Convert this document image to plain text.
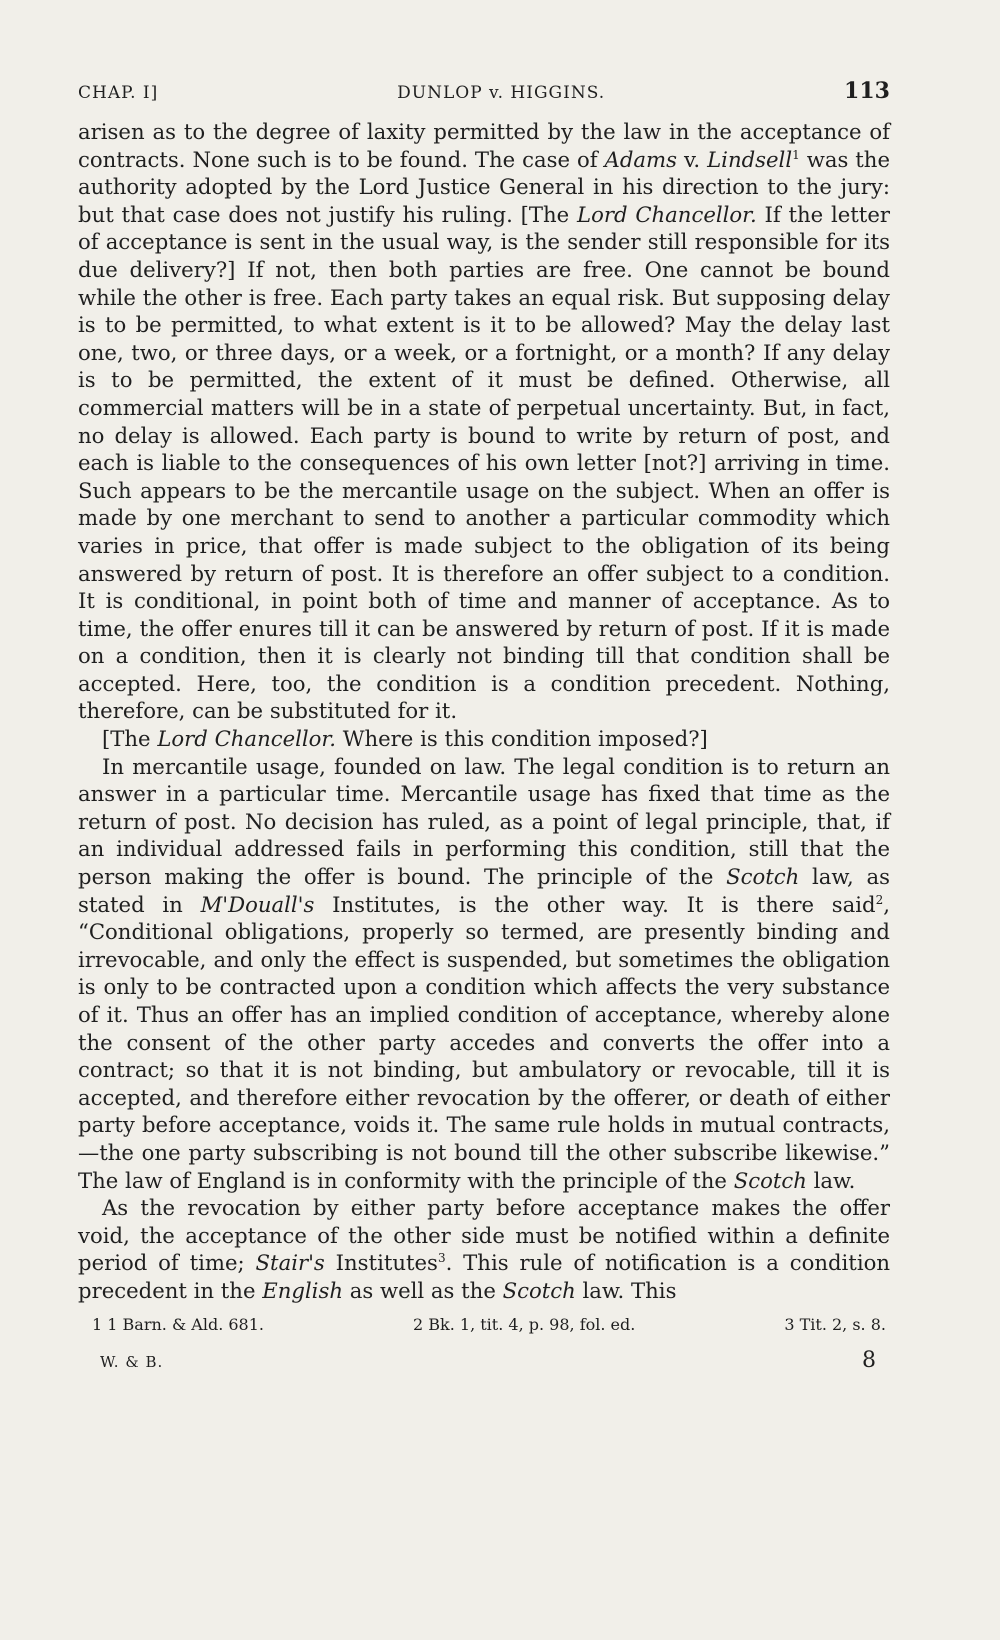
CHAP. I]	DUNLOP v. HIGGINS.	113

arisen as to the degree of laxity permitted by the law in the acceptance of contracts. None such is to be found. The case of Adams v. Lindsell$^1$ was the authority adopted by the Lord Justice General in his direction to the jury: but that case does not justify his ruling. [The Lord Chancellor. If the letter of acceptance is sent in the usual way, is the sender still responsible for its due delivery?] If not, then both parties are free. One cannot be bound while the other is free. Each party takes an equal risk. But supposing delay is to be permitted, to what extent is it to be allowed? May the delay last one, two, or three days, or a week, or a fortnight, or a month? If any delay is to be permitted, the extent of it must be defined. Otherwise, all commercial matters will be in a state of perpetual uncertainty. But, in fact, no delay is allowed. Each party is bound to write by return of post, and each is liable to the consequences of his own letter [not?] arriving in time. Such appears to be the mercantile usage on the subject. When an offer is made by one merchant to send to another a particular commodity which varies in price, that offer is made subject to the obligation of its being answered by return of post. It is therefore an offer subject to a condition. It is conditional, in point both of time and manner of acceptance. As to time, the offer enures till it can be answered by return of post. If it is made on a condition, then it is clearly not binding till that condition shall be accepted. Here, too, the condition is a condition precedent. Nothing, therefore, can be substituted for it.

[The Lord Chancellor. Where is this condition imposed?]

In mercantile usage, founded on law. The legal condition is to return an answer in a particular time. Mercantile usage has fixed that time as the return of post. No decision has ruled, as a point of legal principle, that, if an individual addressed fails in performing this condition, still that the person making the offer is bound. The principle of the Scotch law, as stated in M'Douall's Institutes, is the other way. It is there said$^2$, “Conditional obligations, properly so termed, are presently binding and irrevocable, and only the effect is suspended, but sometimes the obligation is only to be contracted upon a condition which affects the very substance of it. Thus an offer has an implied condition of acceptance, whereby alone the consent of the other party accedes and converts the offer into a contract; so that it is not binding, but ambulatory or revocable, till it is accepted, and therefore either revocation by the offerer, or death of either party before acceptance, voids it. The same rule holds in mutual contracts,—the one party subscribing is not bound till the other subscribe likewise.” The law of England is in conformity with the principle of the Scotch law.

As the revocation by either party before acceptance makes the offer void, the acceptance of the other side must be notified within a definite period of time; Stair's Institutes$^3$. This rule of notification is a condition precedent in the English as well as the Scotch law. This

1 1 Barn. & Ald. 681.	2 Bk. 1, tit. 4, p. 98, fol. ed.	3 Tit. 2, s. 8.
W. & B.	8
